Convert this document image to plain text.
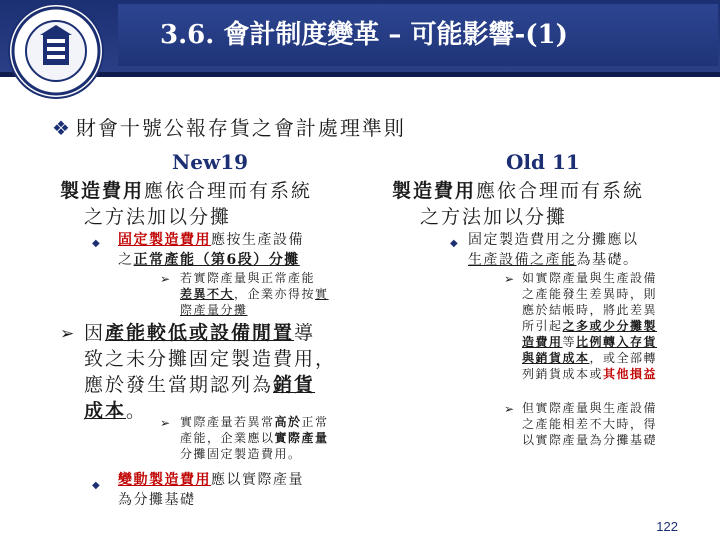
3.6. 會計制度變革 – 可能影響-(1)
❖ 財會十號公報存貨之會計處理準則
New19
製造費用應依合理而有系統
之方法加以分攤
◆ 固定製造費用應按生產設備
之正常產能（第6段）分攤
➢ 若實際產量與正常產能
差異不大，企業亦得按實
際產量分攤
➢ 因產能較低或設備閒置導
致之未分攤固定製造費用，
應於發生當期認列為銷貨
成本。
➢ 實際產量若異常高於正常
產能，企業應以實際產量
分攤固定製造費用。
◆ 變動製造費用應以實際產量
為分攤基礎
Old 11
製造費用應依合理而有系統
之方法加以分攤
◆ 固定製造費用之分攤應以
生產設備之產能為基礎。
➢ 如實際產量與生產設備
之產能發生差異時，則
應於結帳時，將此差異
所引起之多或少分攤製
造費用等比例轉入存貨
與銷貨成本，或全部轉
列銷貨成本或其他損益
➢ 但實際產量與生產設備
之產能相差不大時，得
以實際產量為分攤基礎
122
